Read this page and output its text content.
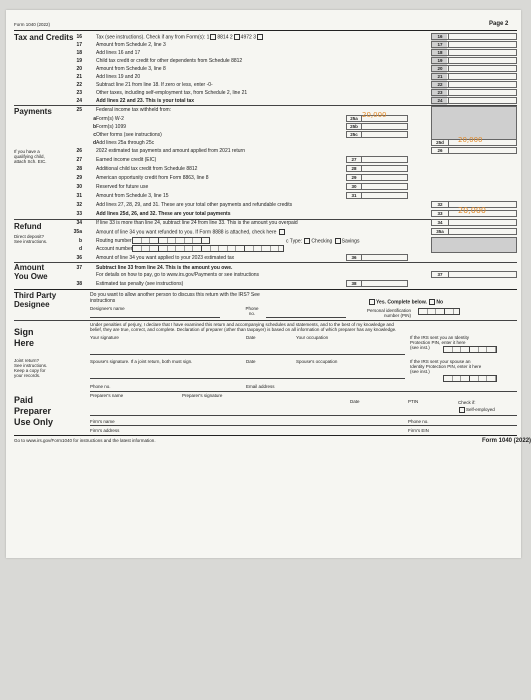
Form 1040 (2022)	Page 2
Tax and Credits 16	Tax (see instructions). Check if any from Form(s): 1 8814 2 4972 3	16
17	Amount from Schedule 2, line 3	17
18	Add lines 16 and 17	18
19	Child tax credit or credit for other dependents from Schedule 8812	19
20	Amount from Schedule 3, line 8	20
21	Add lines 19 and 20	21
22	Subtract line 21 from line 18. If zero or less, enter -0-	22
23	Other taxes, including self-employment tax, from Schedule 2, line 21	23
24	Add lines 22 and 23. This is your total tax	24
Payments	25	Federal income tax withheld from:
a Form(s) W-2	25a 20,000
b Form(s) 1099	25b
c Other forms (see instructions)	25c
d Add lines 25a through 25c	25d	20,000
If you have a
qualifying child,
attach Sch. EIC.
26	2022 estimated tax payments and amount applied from 2021 return	26
27	Earned income credit (EIC)	27
28	Additional child tax credit from Schedule 8812	28
29	American opportunity credit from Form 8863, line 8	29
30	Reserved for future use	30
31	Amount from Schedule 3, line 15	31
32	Add lines 27, 28, 29, and 31. These are your total other payments and refundable credits	32
33	Add lines 25d, 26, and 32. These are your total payments	33	20,000
Refund	34	If line 33 is more than line 24, subtract line 24 from line 33. This is the amount you overpaid	34
35a	Amount of line 34 you want refunded to you. If Form 8888 is attached, check here	35a
Direct deposit?
See instructions.	b	Routing number	c Type: Checking Savings
d	Account number
36	Amount of line 34 you want applied to your 2023 estimated tax	36
Amount
You Owe
37	Subtract line 33 from line 24. This is the amount you owe.
For details on how to pay, go to www.irs.gov/Payments or see instructions	37
38	Estimated tax penalty (see instructions)	38
Third Party
Designee
Do you want to allow another person to discuss this return with the IRS? See
instructions	Yes. Complete below. No
Designee's name	Phone no.
Personal identification number (PIN)
Sign
Here
Under penalties of perjury, I declare that I have examined this return and accompanying schedules and statements, and to the best of my knowledge and
belief, they are true, correct, and complete. Declaration of preparer (other than taxpayer) is based on all information of which preparer has any knowledge.
Your signature	Date	Your occupation	If the IRS sent you an Identity
Protection PIN, enter it here
(see inst.)
Joint return?
See instructions.
Keep a copy for
your records.
Spouse's signature. If a joint return, both must sign.	Date	Spouse's occupation	If the IRS sent your spouse an
Identity Protection PIN, enter it here
(see inst.)
Phone no.	Email address
Paid
Preparer
Use Only
Preparer's name	Preparer's signature
Date	PTIN	Check if:
Self-employed
Firm's name	Phone no.
Firm's address	Firm's EIN
Go to www.irs.gov/Form1040 for instructions and the latest information.	Form 1040 (2022)
